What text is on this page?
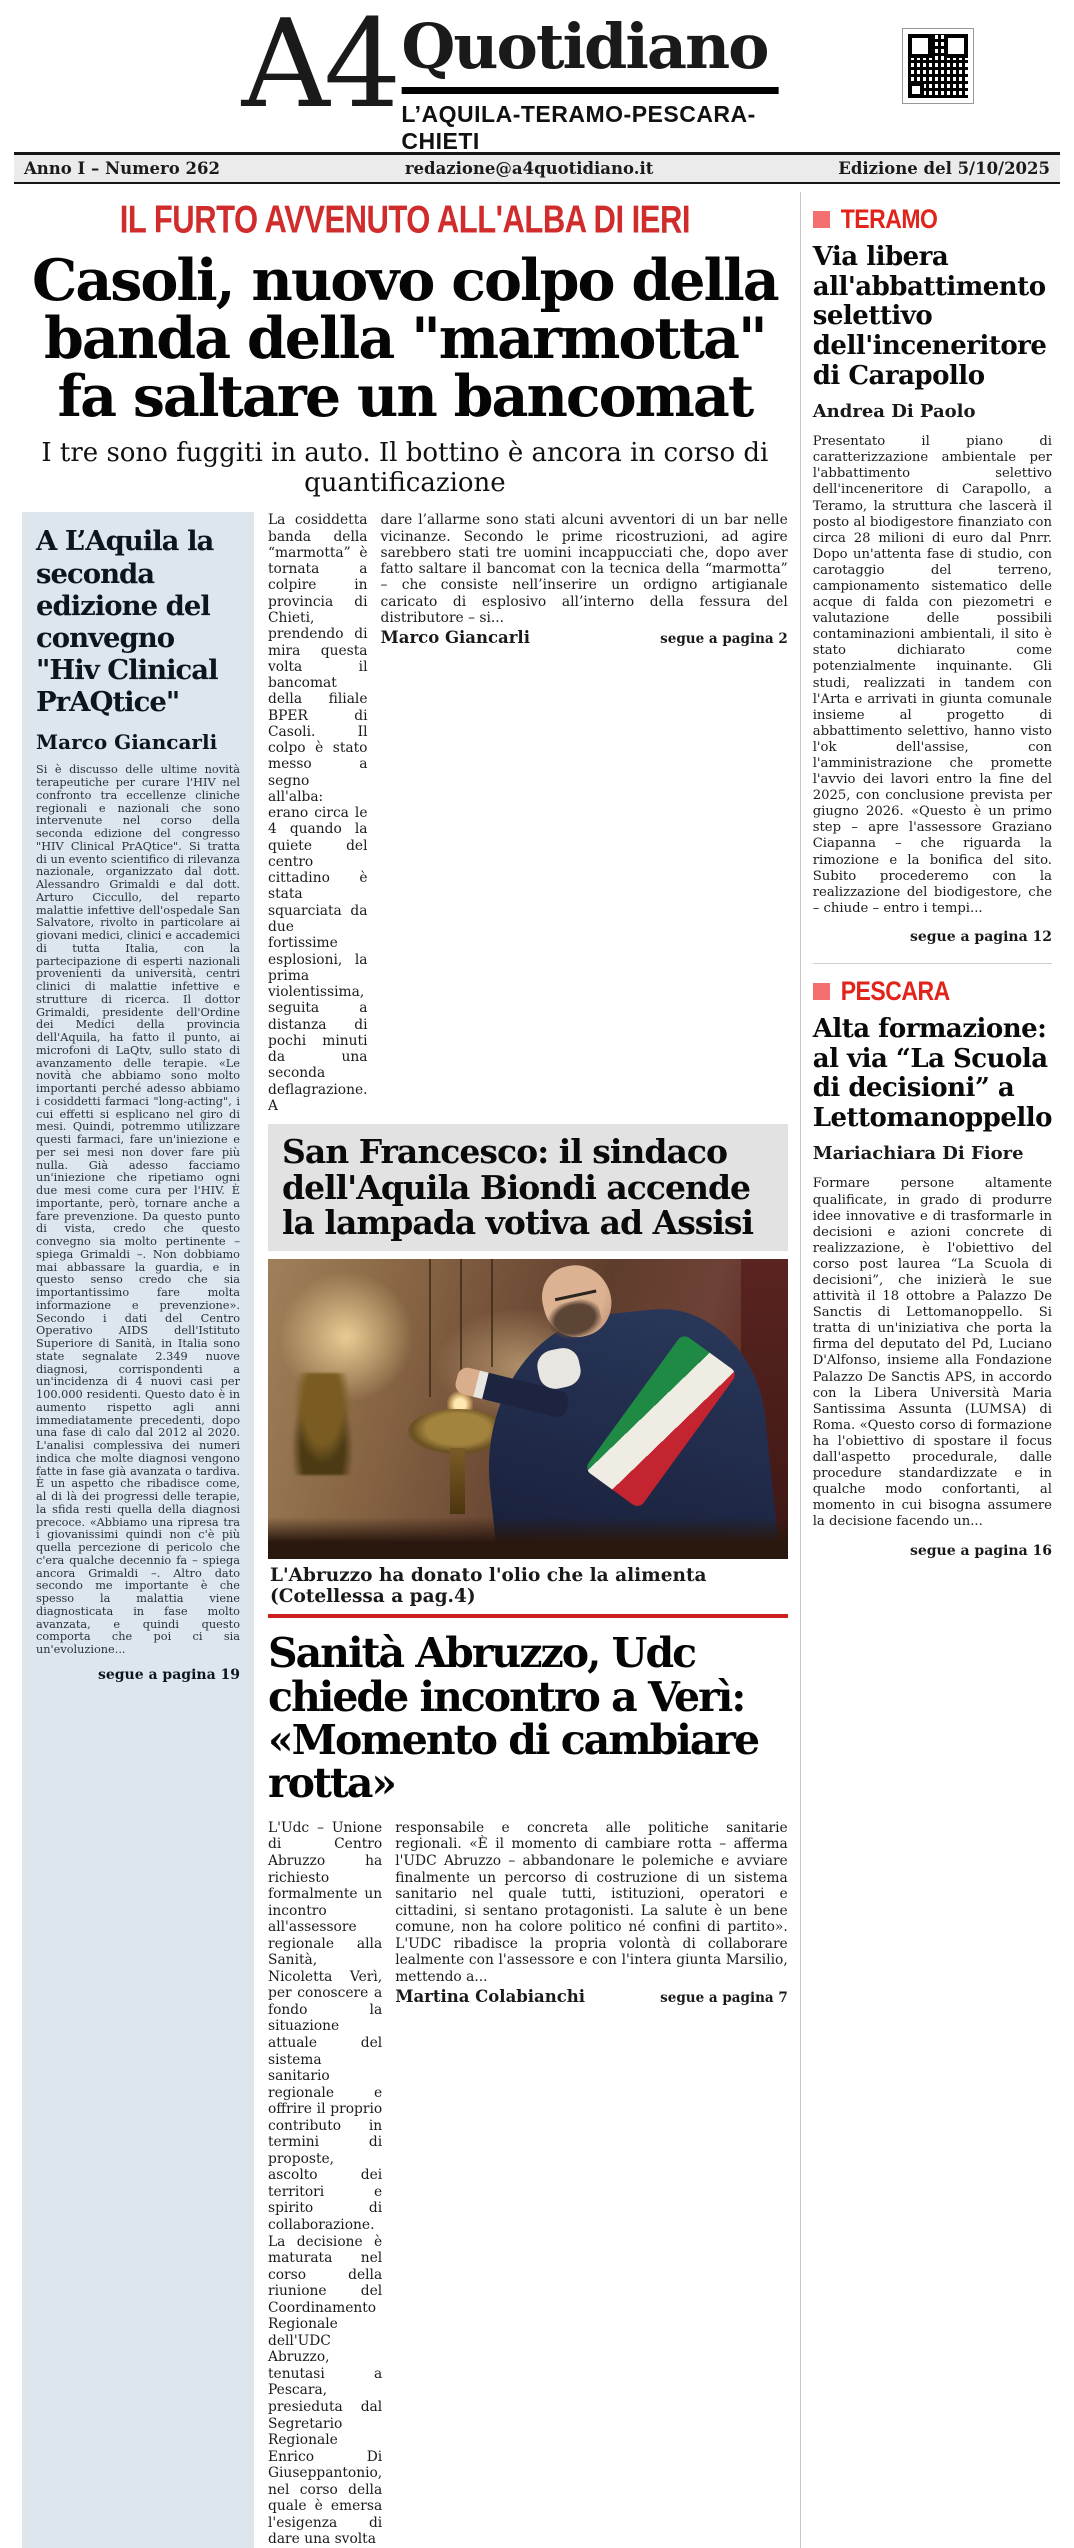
A4 Quotidiano
L’AQUILA-TERAMO-PESCARA-CHIETI
Anno I – Numero 262	redazione@a4quotidiano.it	Edizione del 5/10/2025
IL FURTO AVVENUTO ALL'ALBA DI IERI
Casoli, nuovo colpo della banda della "marmotta" fa saltare un bancomat
I tre sono fuggiti in auto. Il bottino è ancora in corso di quantificazione
A L’Aquila la seconda edizione del convegno "Hiv Clinical PrAQtice"
Marco Giancarli
Si è discusso delle ultime novità terapeutiche per curare l'HIV nel confronto tra eccellenze cliniche regionali e nazionali che sono intervenute nel corso della seconda edizione del congresso "HIV Clinical PrAQtice". Si tratta di un evento scientifico di rilevanza nazionale, organizzato dal dott. Alessandro Grimaldi e dal dott. Arturo Ciccullo, del reparto malattie infettive dell'ospedale San Salvatore, rivolto in particolare ai giovani medici, clinici e accademici di tutta Italia, con la partecipazione di esperti nazionali provenienti da università, centri clinici di malattie infettive e strutture di ricerca. Il dottor Grimaldi, presidente dell'Ordine dei Medici della provincia dell'Aquila, ha fatto il punto, ai microfoni di LaQtv, sullo stato di avanzamento delle terapie. «Le novità che abbiamo sono molto importanti perché adesso abbiamo i cosiddetti farmaci "long-acting", i cui effetti si esplicano nel giro di mesi. Quindi, potremmo utilizzare questi farmaci, fare un'iniezione e per sei mesi non dover fare più nulla. Già adesso facciamo un'iniezione che ripetiamo ogni due mesi come cura per l'HIV. È importante, però, tornare anche a fare prevenzione. Da questo punto di vista, credo che questo convegno sia molto pertinente – spiega Grimaldi –. Non dobbiamo mai abbassare la guardia, e in questo senso credo che sia importantissimo fare molta informazione e prevenzione». Secondo i dati del Centro Operativo AIDS dell'Istituto Superiore di Sanità, in Italia sono state segnalate 2.349 nuove diagnosi, corrispondenti a un'incidenza di 4 nuovi casi per 100.000 residenti. Questo dato è in aumento rispetto agli anni immediatamente precedenti, dopo una fase di calo dal 2012 al 2020. L'analisi complessiva dei numeri indica che molte diagnosi vengono fatte in fase già avanzata o tardiva. È un aspetto che ribadisce come, al di là dei progressi delle terapie, la sfida resti quella della diagnosi precoce. «Abbiamo una ripresa tra i giovanissimi quindi non c'è più quella percezione di pericolo che c'era qualche decennio fa – spiega ancora Grimaldi –. Altro dato secondo me importante è che spesso la malattia viene diagnosticata in fase molto avanzata, e quindi questo comporta che poi ci sia un'evoluzione...
segue a pagina 19
La cosiddetta banda della “marmotta” è tornata a colpire in provincia di Chieti, prendendo di mira questa volta il bancomat della filiale BPER di Casoli. Il colpo è stato messo a segno all'alba: erano circa le 4 quando la quiete del centro cittadino è stata squarciata da due fortissime esplosioni, la prima violentissima, seguita a distanza di pochi minuti da una seconda deflagrazione. A
dare l’allarme sono stati alcuni avventori di un bar nelle vicinanze. Secondo le prime ricostruzioni, ad agire sarebbero stati tre uomini incappucciati che, dopo aver fatto saltare il bancomat con la tecnica della “marmotta” – che consiste nell’inserire un ordigno artigianale caricato di esplosivo all’interno della fessura del distributore – si...
Marco Giancarli	segue a pagina 2
San Francesco: il sindaco dell'Aquila Biondi accende la lampada votiva ad Assisi
L'Abruzzo ha donato l'olio che la alimenta (Cotellessa a pag.4)
Sanità Abruzzo, Udc chiede incontro a Verì: «Momento di cambiare rotta»
L'Udc – Unione di Centro Abruzzo ha richiesto formalmente un incontro all'assessore regionale alla Sanità, Nicoletta Verì, per conoscere a fondo la situazione attuale del sistema sanitario regionale e offrire il proprio contributo in termini di proposte, ascolto dei territori e spirito di collaborazione. La decisione è maturata nel corso della riunione del Coordinamento Regionale dell'UDC Abruzzo, tenutasi a Pescara, presieduta dal Segretario Regionale Enrico Di Giuseppantonio, nel corso della quale è emersa l'esigenza di dare una svolta
responsabile e concreta alle politiche sanitarie regionali. «È il momento di cambiare rotta – afferma l'UDC Abruzzo – abbandonare le polemiche e avviare finalmente un percorso di costruzione di un sistema sanitario nel quale tutti, istituzioni, operatori e cittadini, si sentano protagonisti. La salute è un bene comune, non ha colore politico né confini di partito». L'UDC ribadisce la propria volontà di collaborare lealmente con l'assessore e con l'intera giunta Marsilio, mettendo a...
Martina Colabianchi	segue a pagina 7
TERAMO
Via libera all'abbattimento selettivo dell'inceneritore di Carapollo
Andrea Di Paolo
Presentato il piano di caratterizzazione ambientale per l'abbattimento selettivo dell'inceneritore di Carapollo, a Teramo, la struttura che lascerà il posto al biodigestore finanziato con circa 28 milioni di euro dal Pnrr. Dopo un'attenta fase di studio, con carotaggio del terreno, campionamento sistematico delle acque di falda con piezometri e valutazione delle possibili contaminazioni ambientali, il sito è stato dichiarato come potenzialmente inquinante. Gli studi, realizzati in tandem con l'Arta e arrivati in giunta comunale insieme al progetto di abbattimento selettivo, hanno visto l'ok dell'assise, con l'amministrazione che promette l'avvio dei lavori entro la fine del 2025, con conclusione prevista per giugno 2026. «Questo è un primo step – apre l'assessore Graziano Ciapanna – che riguarda la rimozione e la bonifica del sito. Subito procederemo con la realizzazione del biodigestore, che – chiude – entro i tempi...
segue a pagina 12
PESCARA
Alta formazione: al via “La Scuola di decisioni” a Lettomanoppello
Mariachiara Di Fiore
Formare persone altamente qualificate, in grado di produrre idee innovative e di trasformarle in decisioni e azioni concrete di realizzazione, è l'obiettivo del corso post laurea “La Scuola di decisioni”, che inizierà le sue attività il 18 ottobre a Palazzo De Sanctis di Lettomanoppello. Si tratta di un'iniziativa che porta la firma del deputato del Pd, Luciano D'Alfonso, insieme alla Fondazione Palazzo De Sanctis APS, in accordo con la Libera Università Maria Santissima Assunta (LUMSA) di Roma. «Questo corso di formazione ha l'obiettivo di spostare il focus dall'aspetto procedurale, dalle procedure standardizzate e in qualche modo confortanti, al momento in cui bisogna assumere la decisione facendo un...
segue a pagina 16
